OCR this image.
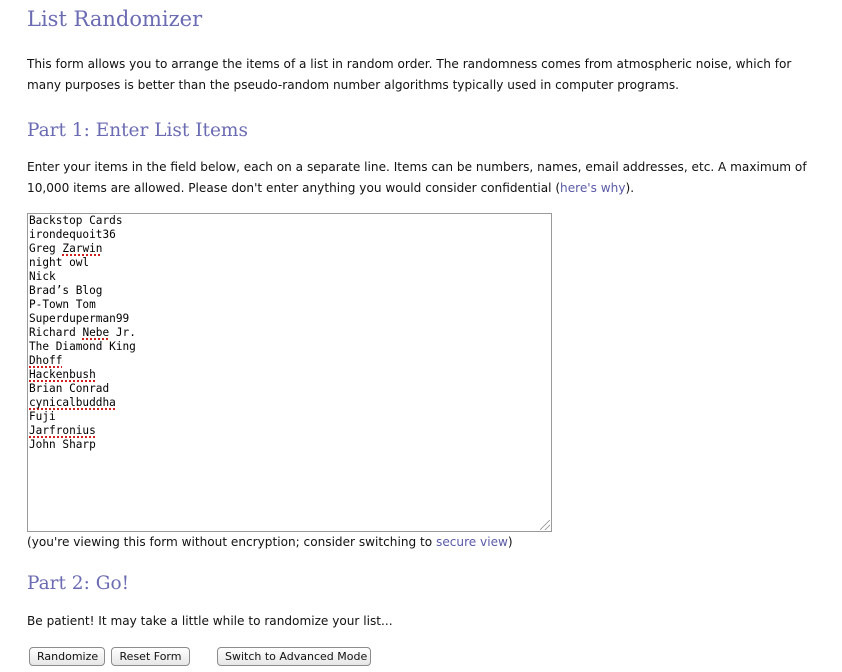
List Randomizer

This form allows you to arrange the items of a list in random order. The randomness comes from atmospheric noise, which for many purposes is better than the pseudo-random number algorithms typically used in computer programs.

Part 1: Enter List Items

Enter your items in the field below, each on a separate line. Items can be numbers, names, email addresses, etc. A maximum of 10,000 items are allowed. Please don't enter anything you would consider confidential (here's why).

Backstop Cards
irondequoit36
Greg Zarwin
night owl
Nick
Brad’s Blog
P-Town Tom
Superduperman99
Richard Nebe Jr.
The Diamond King
Dhoff
Hackenbush
Brian Conrad
cynicalbuddha
Fuji
Jarfronius
John Sharp

(you're viewing this form without encryption; consider switching to secure view)

Part 2: Go!

Be patient! It may take a little while to randomize your list...

Randomize	Reset Form	Switch to Advanced Mode
